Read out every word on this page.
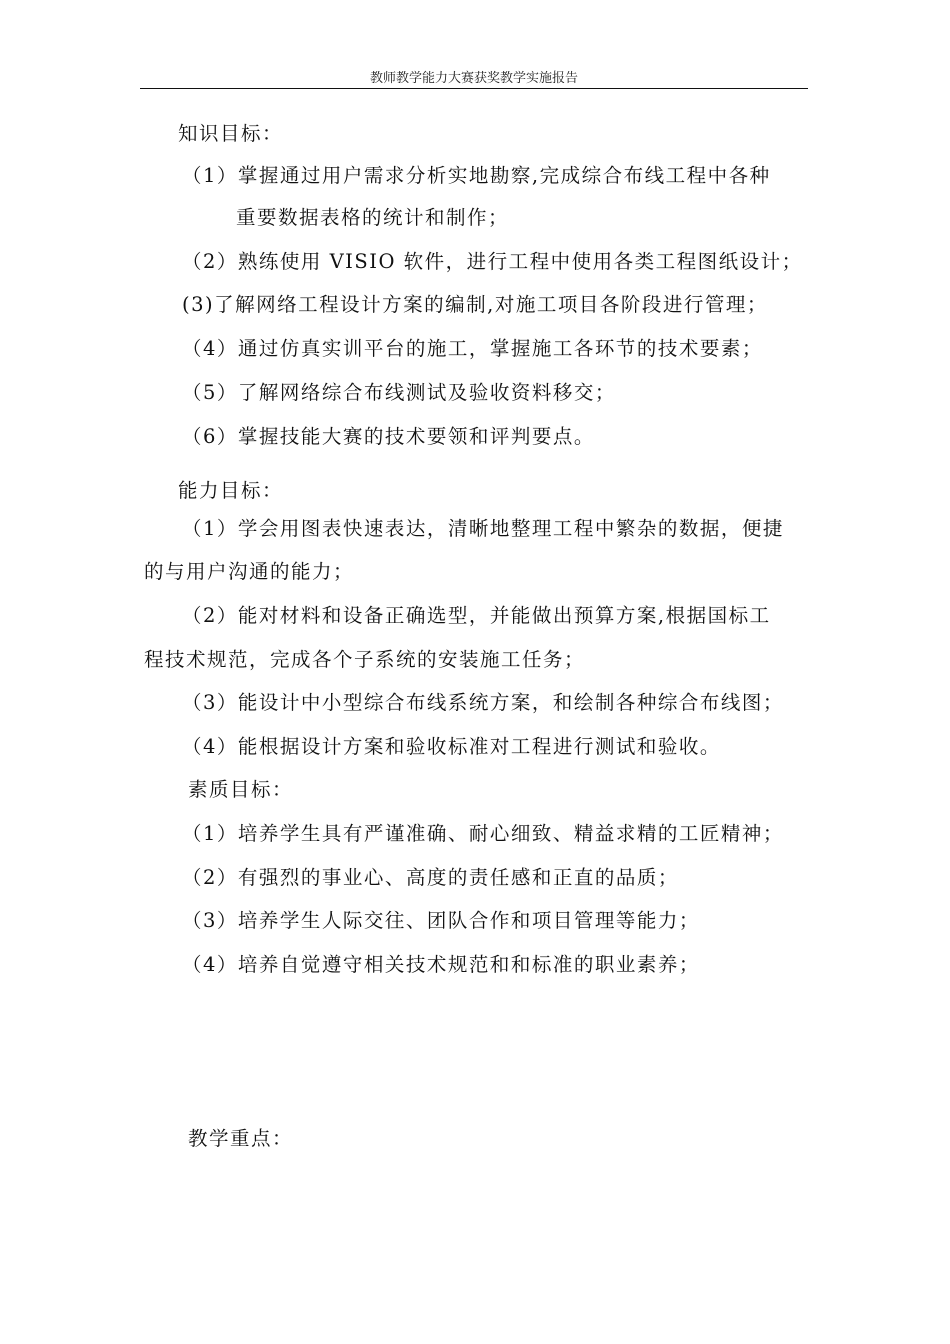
教师教学能力大赛获奖教学实施报告
知识目标：
（1）掌握通过用户需求分析实地勘察,完成综合布线工程中各种
重要数据表格的统计和制作；
（2）熟练使用 VISIO 软件，进行工程中使用各类工程图纸设计；
(3)了解网络工程设计方案的编制,对施工项目各阶段进行管理；
（4）通过仿真实训平台的施工，掌握施工各环节的技术要素；
（5）了解网络综合布线测试及验收资料移交；
（6）掌握技能大赛的技术要领和评判要点。
能力目标：
（1）学会用图表快速表达，清晰地整理工程中繁杂的数据，便捷
的与用户沟通的能力；
（2）能对材料和设备正确选型，并能做出预算方案,根据国标工
程技术规范，完成各个子系统的安装施工任务；
（3）能设计中小型综合布线系统方案，和绘制各种综合布线图；
（4）能根据设计方案和验收标准对工程进行测试和验收。
素质目标：
（1）培养学生具有严谨准确、耐心细致、精益求精的工匠精神；
（2）有强烈的事业心、高度的责任感和正直的品质；
（3）培养学生人际交往、团队合作和项目管理等能力；
（4）培养自觉遵守相关技术规范和和标准的职业素养；
教学重点：
